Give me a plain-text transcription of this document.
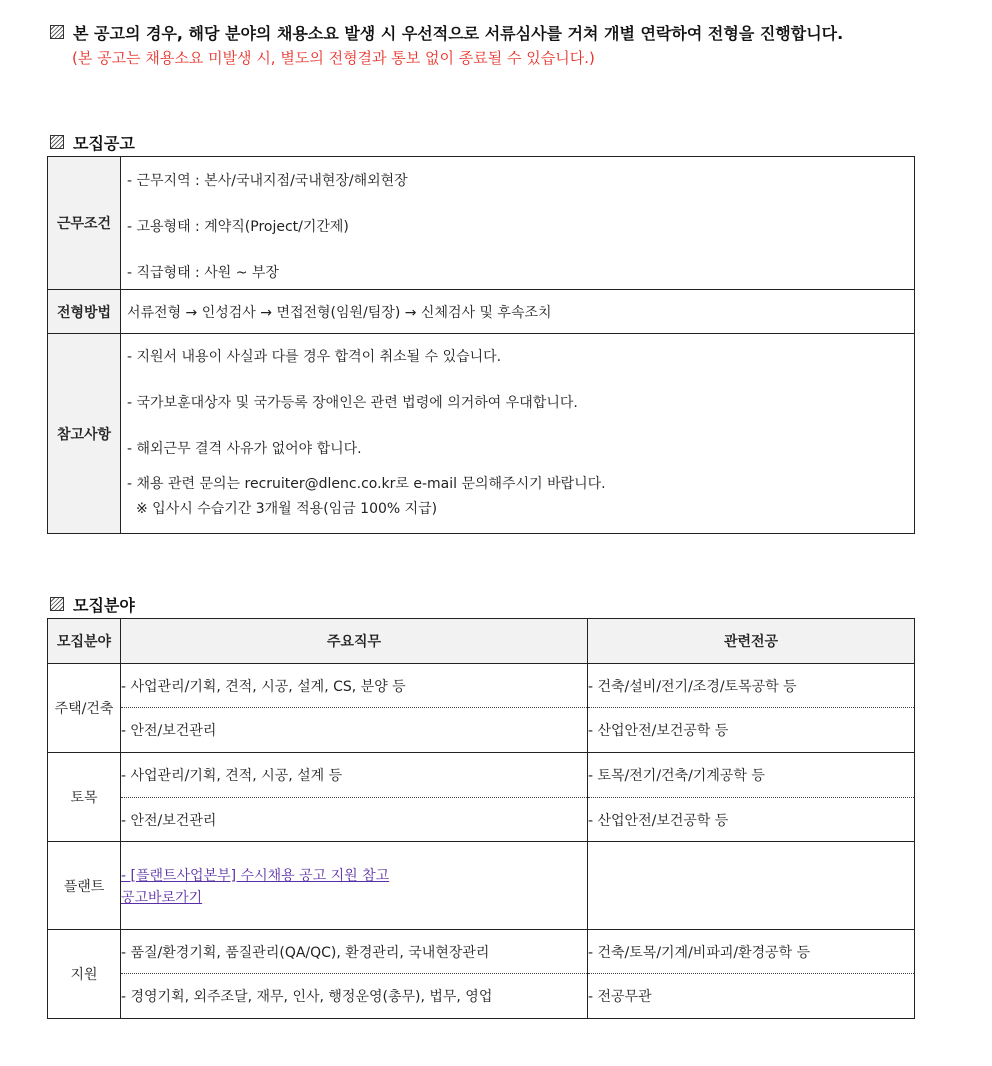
본 공고의 경우, 해당 분야의 채용소요 발생 시 우선적으로 서류심사를 거쳐 개별 연락하여 전형을 진행합니다.
(본 공고는 채용소요 미발생 시, 별도의 전형결과 통보 없이 종료될 수 있습니다.)
모집공고
근무조건	- 근무지역 : 본사/국내지점/국내현장/해외현장
- 고용형태 : 계약직(Project/기간제)
- 직급형태 : 사원 ~ 부장

전형방법	서류전형 → 인성검사 → 면접전형(임원/팀장) → 신체검사 및 후속조치
참고사항	- 지원서 내용이 사실과 다를 경우 합격이 취소될 수 있습니다.
- 국가보훈대상자 및 국가등록 장애인은 관련 법령에 의거하여 우대합니다.
- 해외근무 결격 사유가 없어야 합니다.
- 채용 관련 문의는 recruiter@dlenc.co.kr로 e-mail 문의해주시기 바랍니다.
※ 입사시 수습기간 3개월 적용(임금 100% 지급)
모집분야
모집분야	주요직무	관련전공
주택/건축	- 사업관리/기획, 견적, 시공, 설계, CS, 분양 등	- 건축/설비/전기/조경/토목공학 등
	- 안전/보건관리	- 산업안전/보건공학 등
토목	- 사업관리/기획, 견적, 시공, 설계 등	- 토목/전기/건축/기계공학 등
	- 안전/보건관리	- 산업안전/보건공학 등
플랜트	- [플랜트사업본부] 수시채용 공고 지원 참고
공고바로가기	

지원	- 품질/환경기획, 품질관리(QA/QC), 환경관리, 국내현장관리	- 건축/토목/기계/비파괴/환경공학 등
	- 경영기획, 외주조달, 재무, 인사, 행정운영(총무), 법무, 영업	- 전공무관
